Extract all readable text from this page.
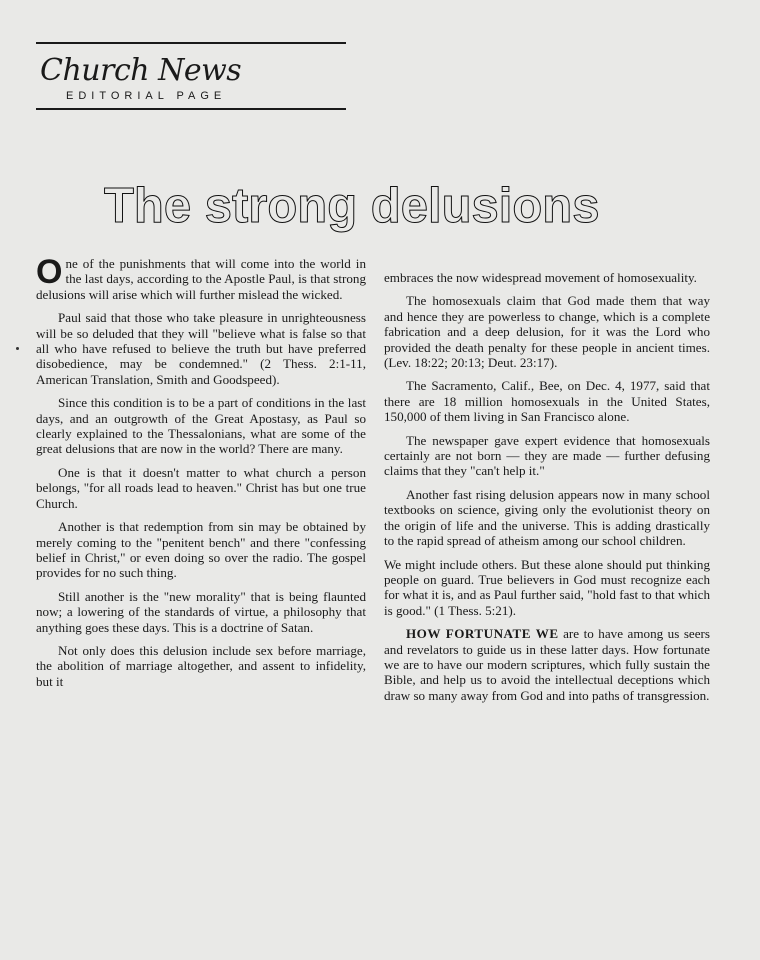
Church News
EDITORIAL PAGE
The strong delusions

One of the punishments that will come into the world in the last days, according to the Apostle Paul, is that strong delusions will arise which will further mislead the wicked.

Paul said that those who take pleasure in unrighteousness will be so deluded that they will "believe what is false so that all who have refused to believe the truth but have preferred disobedience, may be condemned." (2 Thess. 2:1-11, American Translation, Smith and Goodspeed).

Since this condition is to be a part of conditions in the last days, and an outgrowth of the Great Apostasy, as Paul so clearly explained to the Thessalonians, what are some of the great delusions that are now in the world? There are many.

One is that it doesn't matter to what church a person belongs, "for all roads lead to heaven." Christ has but one true Church.

Another is that redemption from sin may be obtained by merely coming to the "penitent bench" and there "confessing belief in Christ," or even doing so over the radio. The gospel provides for no such thing.

Still another is the "new morality" that is being flaunted now; a lowering of the standards of virtue, a philosophy that anything goes these days. This is a doctrine of Satan.

Not only does this delusion include sex before marriage, the abolition of marriage altogether, and assent to infidelity, but it

embraces the now widespread movement of homosexuality.

The homosexuals claim that God made them that way and hence they are powerless to change, which is a complete fabrication and a deep delusion, for it was the Lord who provided the death penalty for these people in ancient times. (Lev. 18:22; 20:13; Deut. 23:17).

The Sacramento, Calif., Bee, on Dec. 4, 1977, said that there are 18 million homosexuals in the United States, 150,000 of them living in San Francisco alone.

The newspaper gave expert evidence that homosexuals certainly are not born — they are made — further defusing claims that they "can't help it."

Another fast rising delusion appears now in many school textbooks on science, giving only the evolutionist theory on the origin of life and the universe. This is adding drastically to the rapid spread of atheism among our school children.

We might include others. But these alone should put thinking people on guard. True believers in God must recognize each for what it is, and as Paul further said, "hold fast to that which is good." (1 Thess. 5:21).

HOW FORTUNATE WE are to have among us seers and revelators to guide us in these latter days. How fortunate we are to have our modern scriptures, which fully sustain the Bible, and help us to avoid the intellectual deceptions which draw so many away from God and into paths of transgression.
